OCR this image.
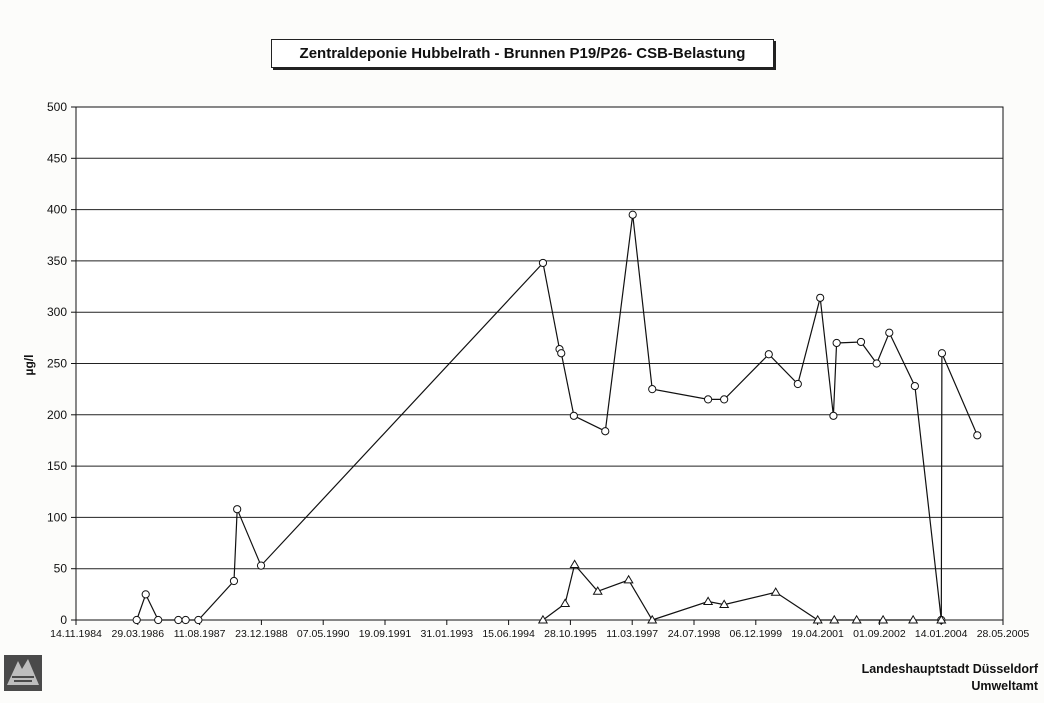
0
50
100
150
200
250
300
350
400
450
500
14.11.1984 29.03.1986 11.08.1987 23.12.1988 07.05.1990 19.09.1991 31.01.1993 15.06.1994 28.10.1995 11.03.1997 24.07.1998 06.12.1999 19.04.2001 01.09.2002 14.01.2004 28.05.2005
µg/l
Zentraldeponie Hubbelrath - Brunnen P19/P26- CSB-Belastung
Landeshauptstadt Düsseldorf
Umweltamt
